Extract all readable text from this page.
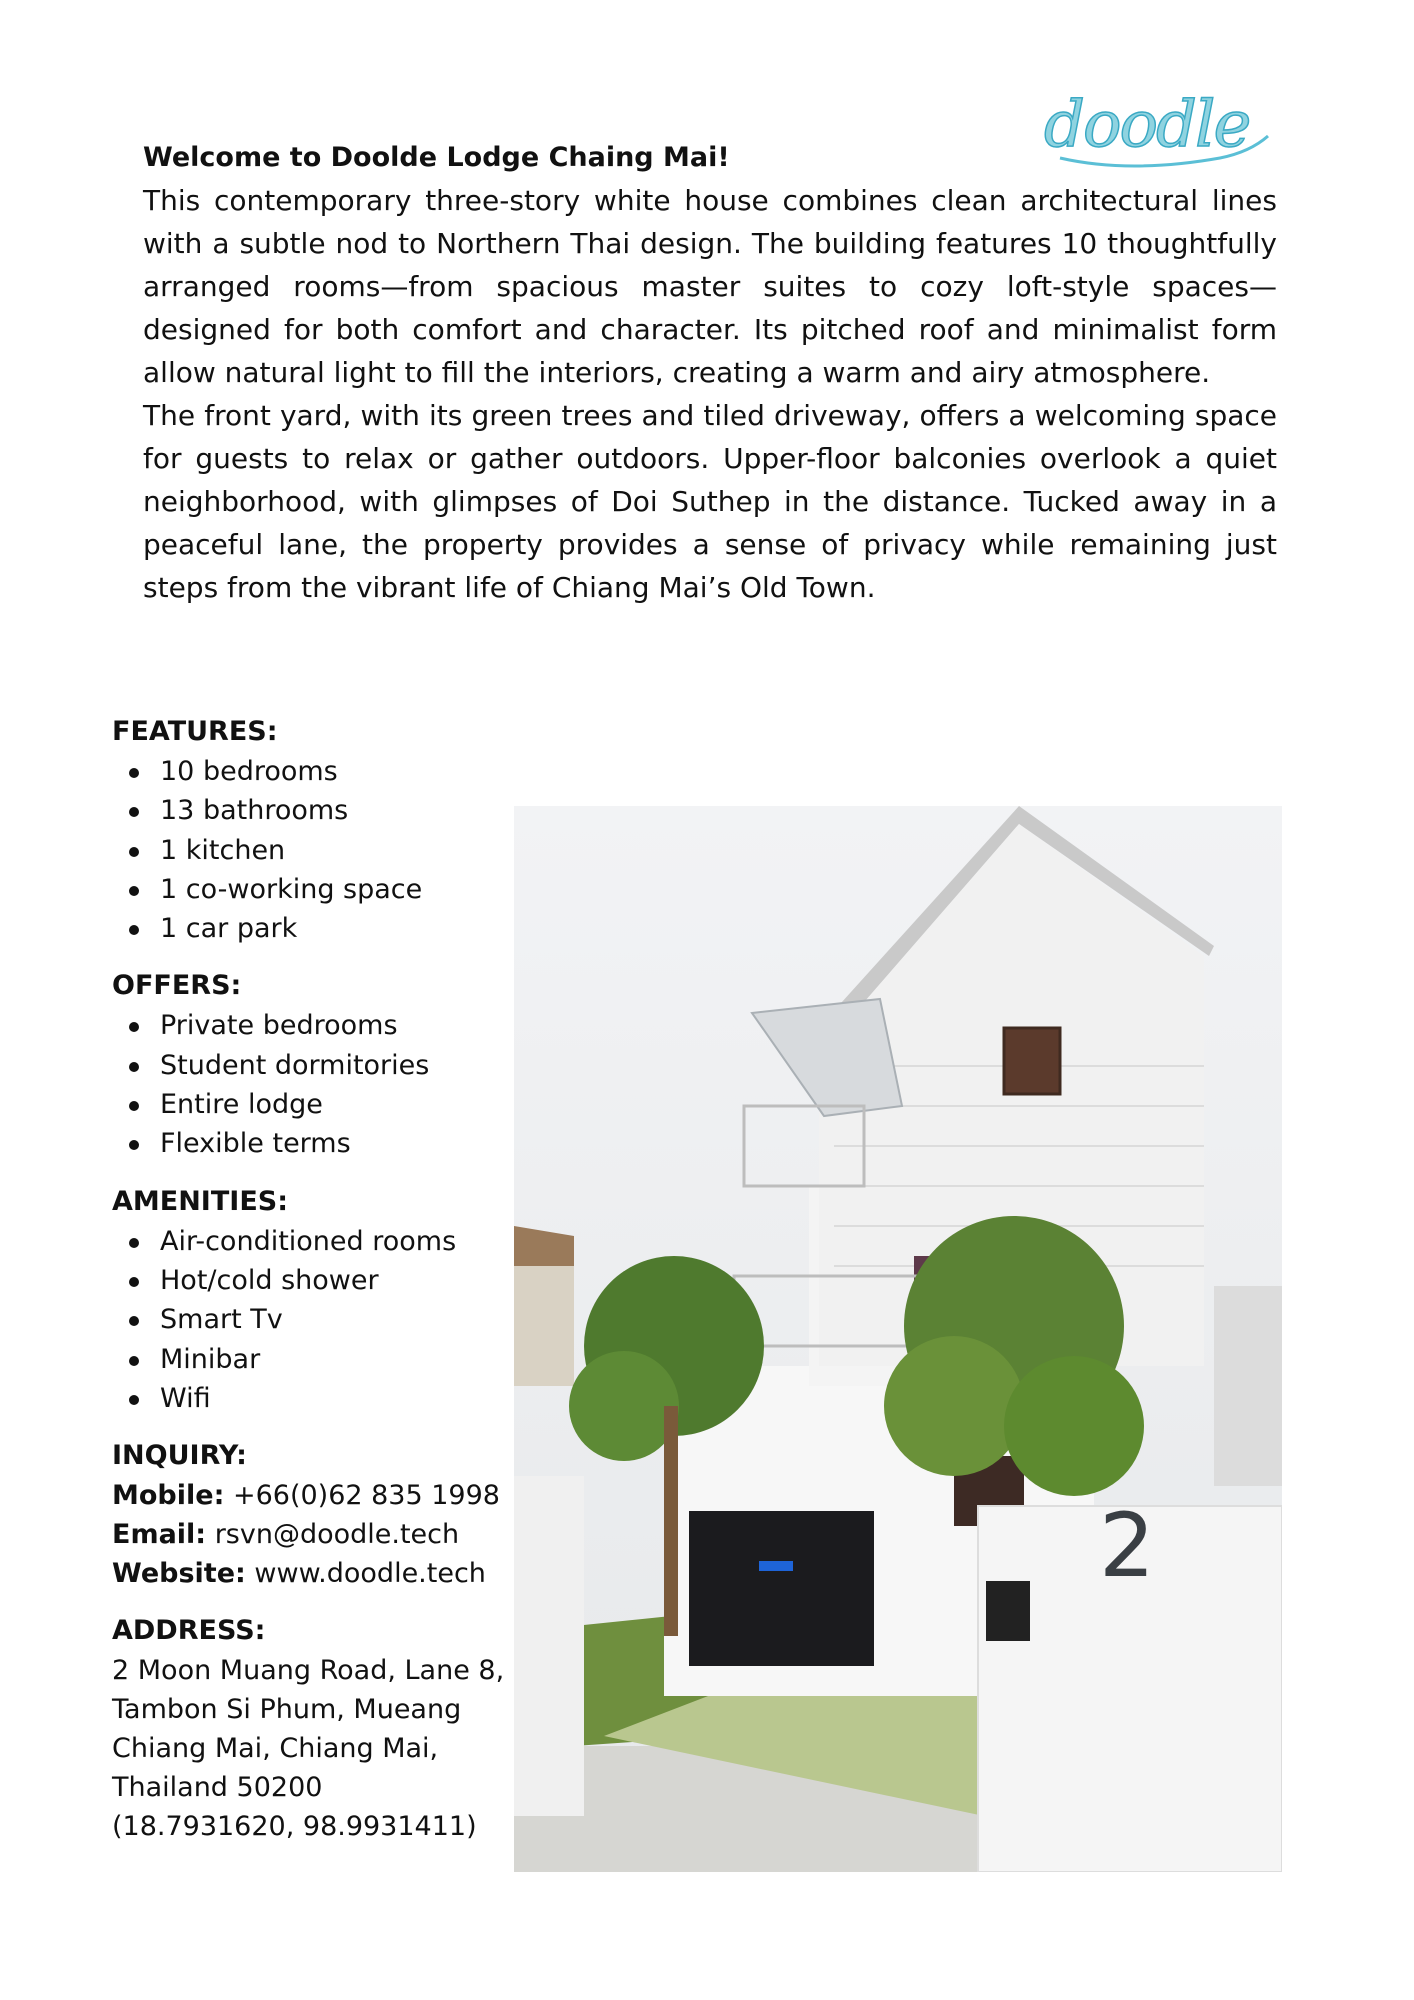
doodle
Welcome to Doolde Lodge Chaing Mai!

This contemporary three-story white house combines clean architectural lines with a subtle nod to Northern Thai design. The building features 10 thoughtfully arranged rooms—from spacious master suites to cozy loft-style spaces—designed for both comfort and character. Its pitched roof and minimalist form allow natural light to fill the interiors, creating a warm and airy atmosphere.

The front yard, with its green trees and tiled driveway, offers a welcoming space for guests to relax or gather outdoors. Upper-floor balconies overlook a quiet neighborhood, with glimpses of Doi Suthep in the distance. Tucked away in a peaceful lane, the property provides a sense of privacy while remaining just steps from the vibrant life of Chiang Mai’s Old Town.

FEATURES:
10 bedrooms
13 bathrooms
1 kitchen
1 co-working space
1 car park
OFFERS:
Private bedrooms
Student dormitories
Entire lodge
Flexible terms
AMENITIES:
Air-conditioned rooms
Hot/cold shower
Smart Tv
Minibar
Wifi
INQUIRY:
Mobile: +66(0)62 835 1998
Email: rsvn@doodle.tech
Website: www.doodle.tech
ADDRESS:
2 Moon Muang Road, Lane 8,
Tambon Si Phum, Mueang
Chiang Mai, Chiang Mai,
Thailand 50200
(18.7931620, 98.9931411)
2
